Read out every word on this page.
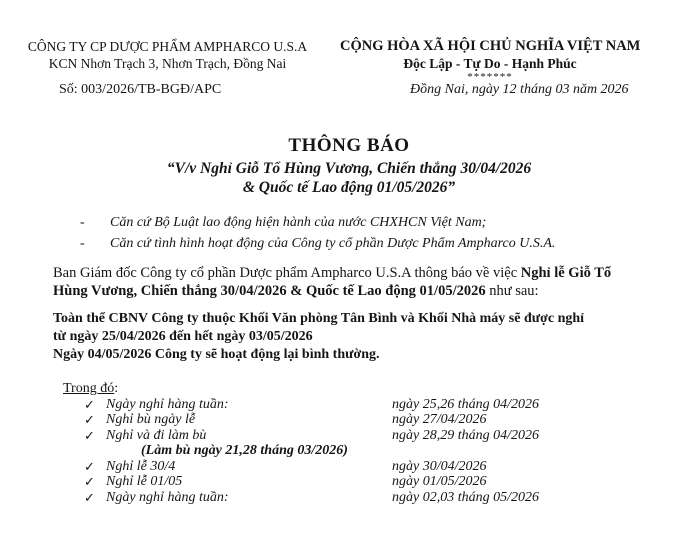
CÔNG TY CP DƯỢC PHẨM AMPHARCO U.S.A
KCN Nhơn Trạch 3, Nhơn Trạch, Đồng Nai
CỘNG HÒA XÃ HỘI CHỦ NGHĨA VIỆT NAM
Độc Lập - Tự Do - Hạnh Phúc
*******
Số: 003/2026/TB-BGĐ/APC	Đồng Nai, ngày 12 tháng 03 năm 2026
THÔNG BÁO
“V/v Nghỉ Giỗ Tổ Hùng Vương, Chiến thắng 30/04/2026
& Quốc tế Lao động 01/05/2026”
-	Căn cứ Bộ Luật lao động hiện hành của nước CHXHCN Việt Nam;
-	Căn cứ tình hình hoạt động của Công ty cổ phần Dược Phẩm Ampharco U.S.A.
Ban Giám đốc Công ty cổ phần Dược phẩm Ampharco U.S.A thông báo về việc Nghỉ lễ Giỗ Tổ
Hùng Vương, Chiến thắng 30/04/2026 & Quốc tế Lao động 01/05/2026 như sau:
Toàn thể CBNV Công ty thuộc Khối Văn phòng Tân Bình và Khối Nhà máy sẽ được nghỉ
từ ngày 25/04/2026 đến hết ngày 03/05/2026
Ngày 04/05/2026 Công ty sẽ hoạt động lại bình thường.
Trong đó:
✓ Ngày nghỉ hàng tuần:	ngày 25,26 tháng 04/2026
✓ Nghỉ bù ngày lễ	ngày 27/04/2026
✓ Nghỉ và đi làm bù	ngày 28,29 tháng 04/2026
(Làm bù ngày 21,28 tháng 03/2026)
✓ Nghỉ lễ 30/4	ngày 30/04/2026
✓ Nghỉ lễ 01/05	ngày 01/05/2026
✓ Ngày nghỉ hàng tuần:	ngày 02,03 tháng 05/2026
